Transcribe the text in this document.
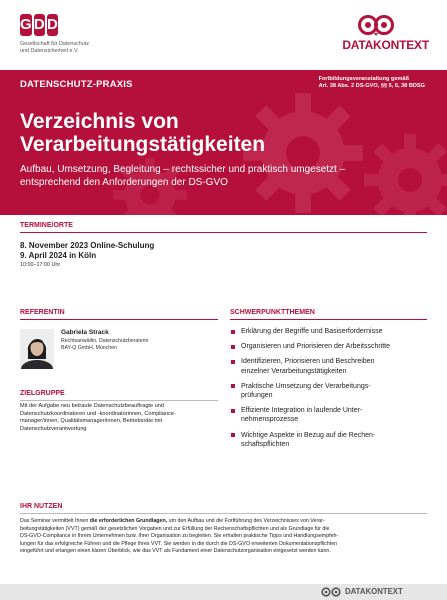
G D D
Gesellschaft für Datenschutz
und Datensicherheit e.V.	DATAKONTEXT
DATENSCHUTZ-PRAXIS	Fortbildungsveranstaltung gemäß
Art. 38 Abs. 2 DS-GVO, §§ 5, 6, 38 BDSG
Verzeichnis von
Verarbeitungstätigkeiten
Aufbau, Umsetzung, Begleitung – rechtssicher und praktisch umgesetzt –
entsprechend den Anforderungen der DS-GVO
TERMINE/ORTE
8. November 2023 Online-Schulung
9. April 2024 in Köln
10:00–17:00 Uhr
REFERENTIN
Gabriela Strack
Rechtsanwältin, Datenschutzberaterin
BAY-Q GmbH, München
ZIELGRUPPE
Mit der Aufgabe neu betraute Datenschutzbeauftragte und
Datenschutzkoordinatoren und -koordinatorinnen, Compliance-
manager/innen, Qualitätsmanager/innen, Betriebsräte mit
Datenschutzverantwortung
SCHWERPUNKTTHEMEN
Erklärung der Begriffe und Basiserfordernisse
Organisieren und Priorisieren der Arbeitsschritte
Identifizieren, Priorisieren und Beschreiben
einzelner Verarbeitungstätigkeiten
Praktische Umsetzung der Verarbeitungs-
prüfungen
Effiziente Integration in laufende Unter-
nehmensprozesse
Wichtige Aspekte in Bezug auf die Rechen-
schaftspflichten
IHR NUTZEN
Das Seminar vermittelt Ihnen die erforderlichen Grundlagen, um den Aufbau und die Fortführung des Verzeichnisses von Verar-
beitungstätigkeiten (VVT) gemäß der gesetzlichen Vorgaben und zur Erfüllung der Rechenschaftspflichten und als Grundlage für die
DS-GVO-Compliance in Ihrem Unternehmen bzw. Ihrer Organisation zu begleiten. Sie erhalten praktische Tipps und Handlungsempfeh-
lungen für das erfolgreiche Führen und die Pflege Ihres VVT. Sie werden in die durch die DS-GVO erweiterten Dokumentationspflichten
eingeführt und erlangen einen klaren Überblick, wie das VVT als Fundament einer Datenschutzorganisation eingesetzt werden kann.
DATAKONTEXT
